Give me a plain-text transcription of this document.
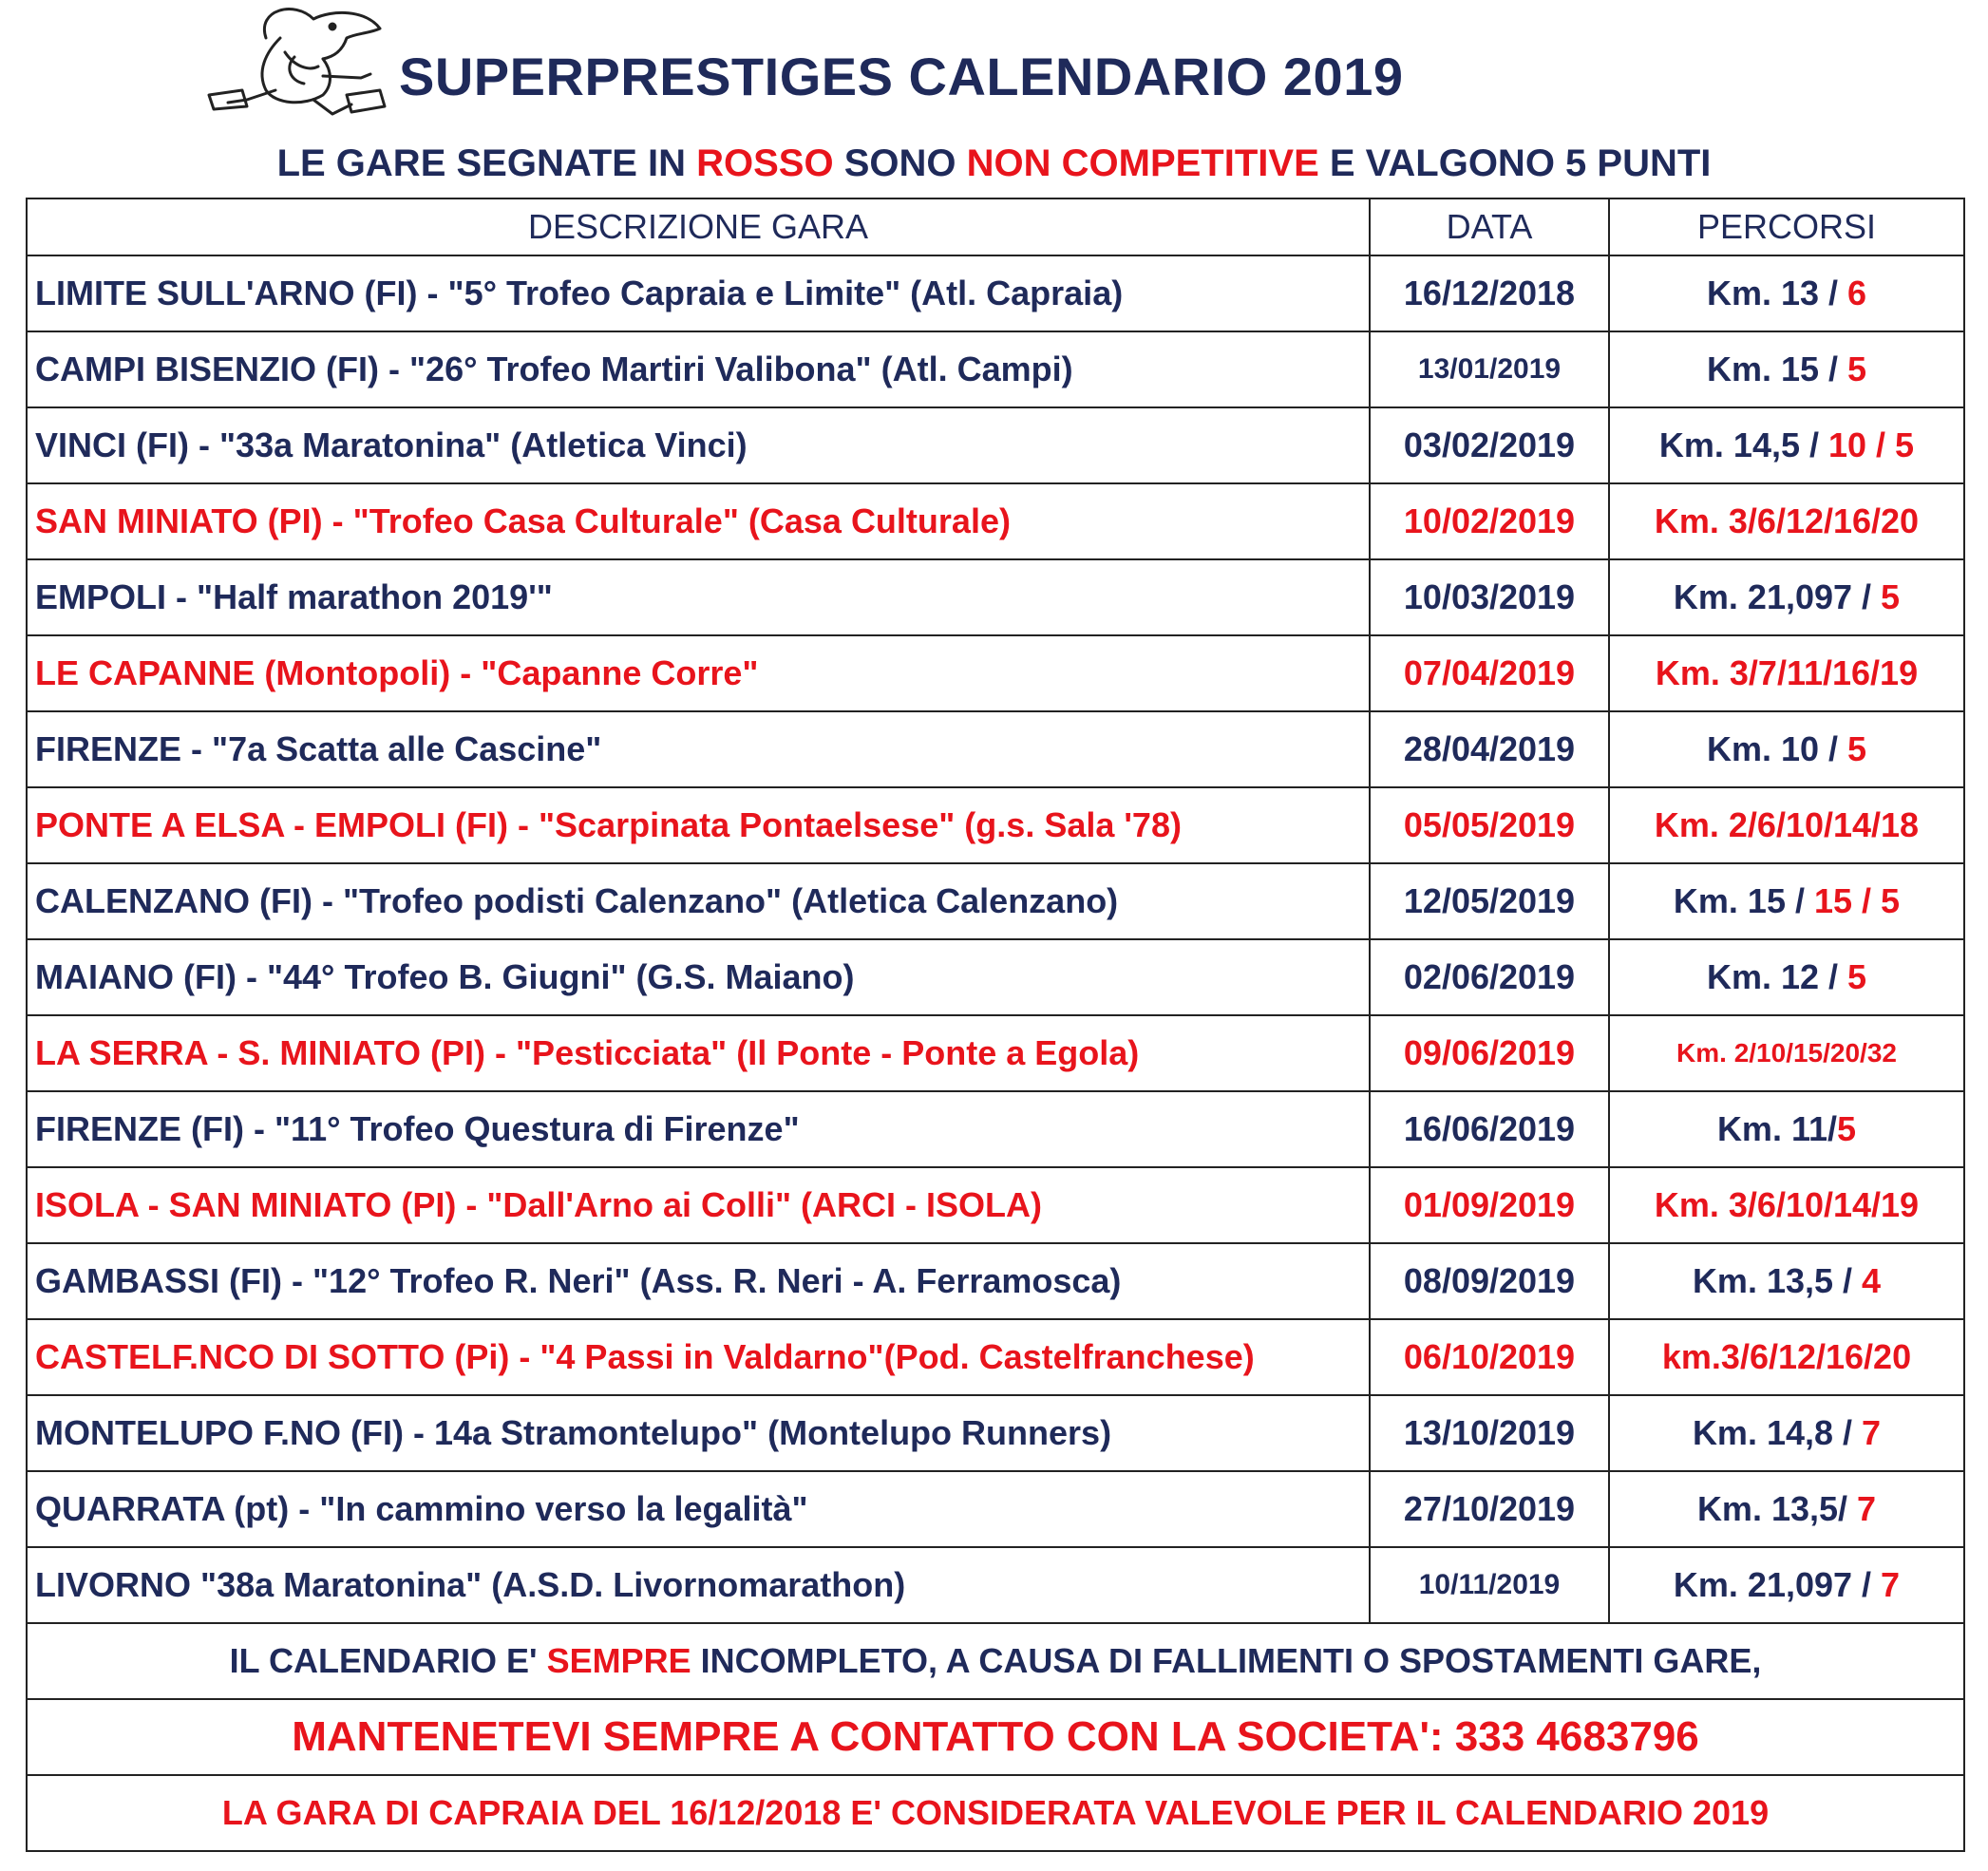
SUPERPRESTIGES CALENDARIO 2019
LE GARE SEGNATE IN ROSSO SONO NON COMPETITIVE E VALGONO 5 PUNTI
DESCRIZIONE GARA	DATA	PERCORSI
LIMITE SULL'ARNO (FI) - "5° Trofeo Capraia e Limite" (Atl. Capraia)	16/12/2018	Km. 13 / 6
CAMPI BISENZIO (FI) - "26° Trofeo Martiri Valibona" (Atl. Campi)	13/01/2019	Km. 15 / 5
VINCI (FI) - "33a Maratonina" (Atletica Vinci)	03/02/2019	Km. 14,5 / 10 / 5
SAN MINIATO (PI) - "Trofeo Casa Culturale" (Casa Culturale)	10/02/2019	Km. 3/6/12/16/20
EMPOLI - "Half marathon 2019'"	10/03/2019	Km. 21,097 / 5
LE CAPANNE (Montopoli) - "Capanne Corre"	07/04/2019	Km. 3/7/11/16/19
FIRENZE - "7a Scatta alle Cascine"	28/04/2019	Km. 10 / 5
PONTE A ELSA - EMPOLI (FI) - "Scarpinata Pontaelsese" (g.s. Sala '78)	05/05/2019	Km. 2/6/10/14/18
CALENZANO (FI) - "Trofeo podisti Calenzano" (Atletica Calenzano)	12/05/2019	Km. 15 / 15 / 5
MAIANO (FI) - "44° Trofeo B. Giugni" (G.S. Maiano)	02/06/2019	Km. 12 / 5
LA SERRA - S. MINIATO (PI) - "Pesticciata" (Il Ponte - Ponte a Egola)	09/06/2019	Km. 2/10/15/20/32
FIRENZE (FI) - "11° Trofeo Questura di Firenze"	16/06/2019	Km. 11/5
ISOLA - SAN MINIATO (PI) - "Dall'Arno ai Colli" (ARCI - ISOLA)	01/09/2019	Km. 3/6/10/14/19
GAMBASSI (FI) - "12° Trofeo R. Neri" (Ass. R. Neri - A. Ferramosca)	08/09/2019	Km. 13,5 / 4
CASTELF.NCO DI SOTTO (Pi) - "4 Passi in Valdarno"(Pod. Castelfranchese)	06/10/2019	km.3/6/12/16/20
MONTELUPO F.NO (FI) - 14a Stramontelupo" (Montelupo Runners)	13/10/2019	Km. 14,8 / 7
QUARRATA (pt) - "In cammino verso la legalità"	27/10/2019	Km. 13,5/ 7
LIVORNO "38a Maratonina" (A.S.D. Livornomarathon)	10/11/2019	Km. 21,097 / 7
IL CALENDARIO E' SEMPRE INCOMPLETO, A CAUSA DI FALLIMENTI O SPOSTAMENTI GARE,		
MANTENETEVI SEMPRE A CONTATTO CON LA SOCIETA': 333 4683796		
LA GARA DI CAPRAIA DEL 16/12/2018 E' CONSIDERATA VALEVOLE PER IL CALENDARIO 2019		
